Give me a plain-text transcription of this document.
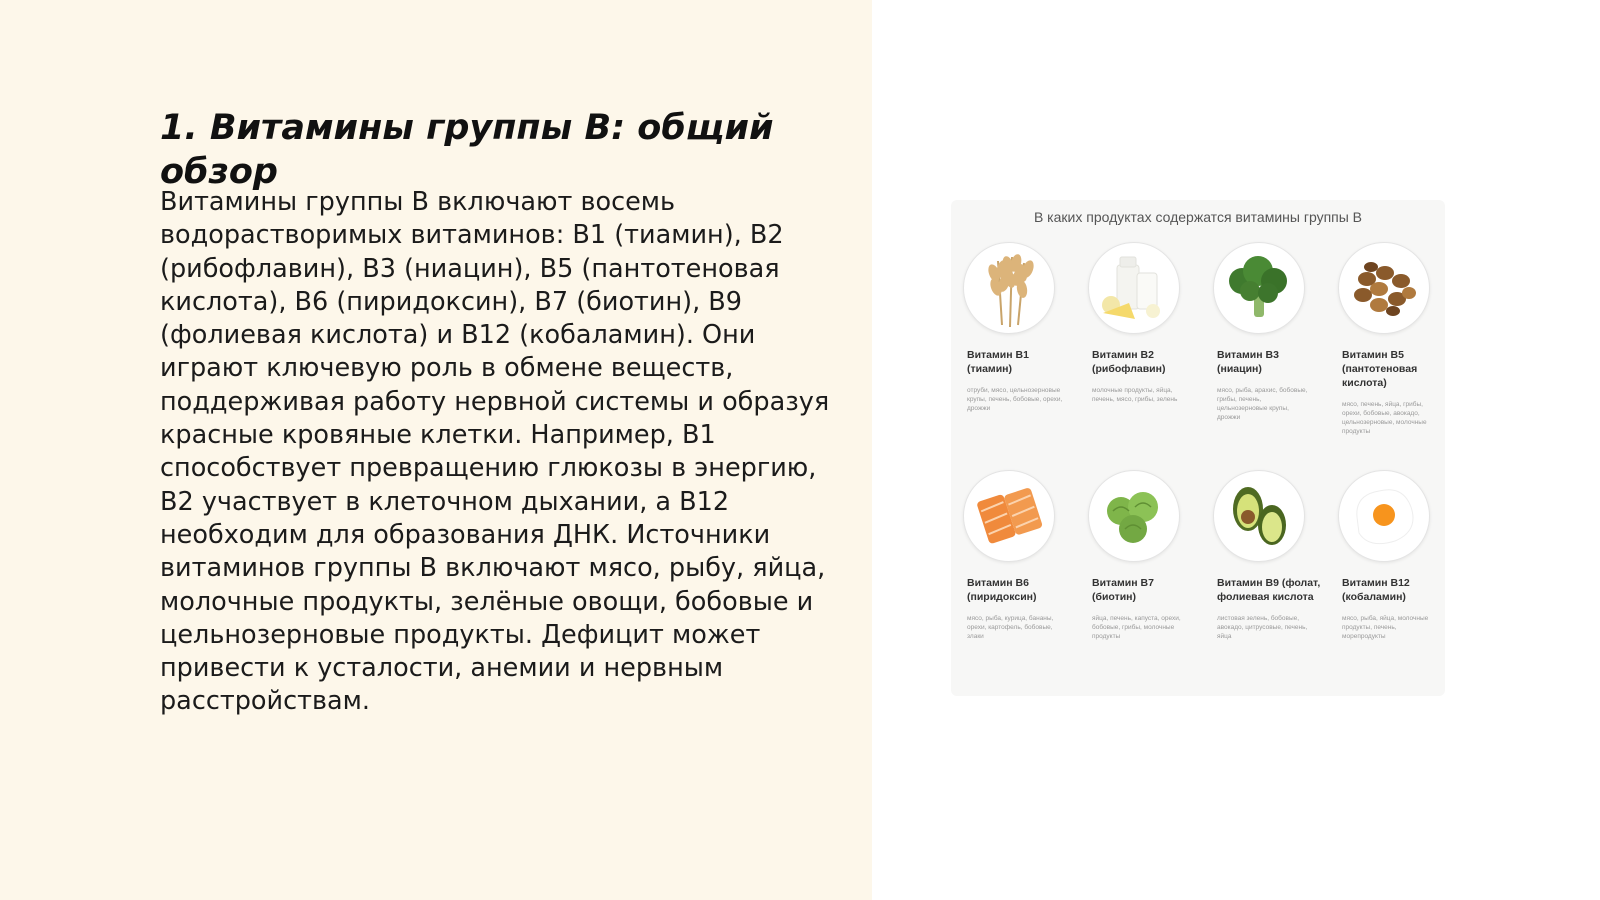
1. Витамины группы B: общий обзор

Витамины группы B включают восемь водорастворимых витаминов: B1 (тиамин), B2 (рибофлавин), B3 (ниацин), B5 (пантотеновая кислота), B6 (пиридоксин), B7 (биотин), B9 (фолиевая кислота) и B12 (кобаламин). Они играют ключевую роль в обмене веществ, поддерживая работу нервной системы и образуя красные кровяные клетки. Например, B1 способствует превращению глюкозы в энергию, B2 участвует в клеточном дыхании, а B12 необходим для образования ДНК. Источники витаминов группы B включают мясо, рыбу, яйца, молочные продукты, зелёные овощи, бобовые и цельнозерновые продукты. Дефицит может привести к усталости, анемии и нервным расстройствам.

В каких продуктах содержатся витамины группы В
Витамин В1
(тиамин)
отруби, мясо, цельнозерновые крупы, печень, бобовые, орехи, дрожжи
Витамин В2
(рибофлавин)
молочные продукты, яйца, печень, мясо, грибы, зелень
Витамин В3
(ниацин)
мясо, рыба, арахис, бобовые, грибы, печень, цельнозерновые крупы, дрожжи
Витамин В5
(пантотеновая
кислота)
мясо, печень, яйца, грибы, орехи, бобовые, авокадо, цельнозерновые, молочные продукты
Витамин В6
(пиридоксин)
мясо, рыба, курица, бананы, орехи, картофель, бобовые, злаки
Витамин В7
(биотин)
яйца, печень, капуста, орехи, бобовые, грибы, молочные продукты
Витамин В9 (фолат,
фолиевая кислота
листовая зелень, бобовые, авокадо, цитрусовые, печень, яйца
Витамин В12
(кобаламин)
мясо, рыба, яйца, молочные продукты, печень, морепродукты
